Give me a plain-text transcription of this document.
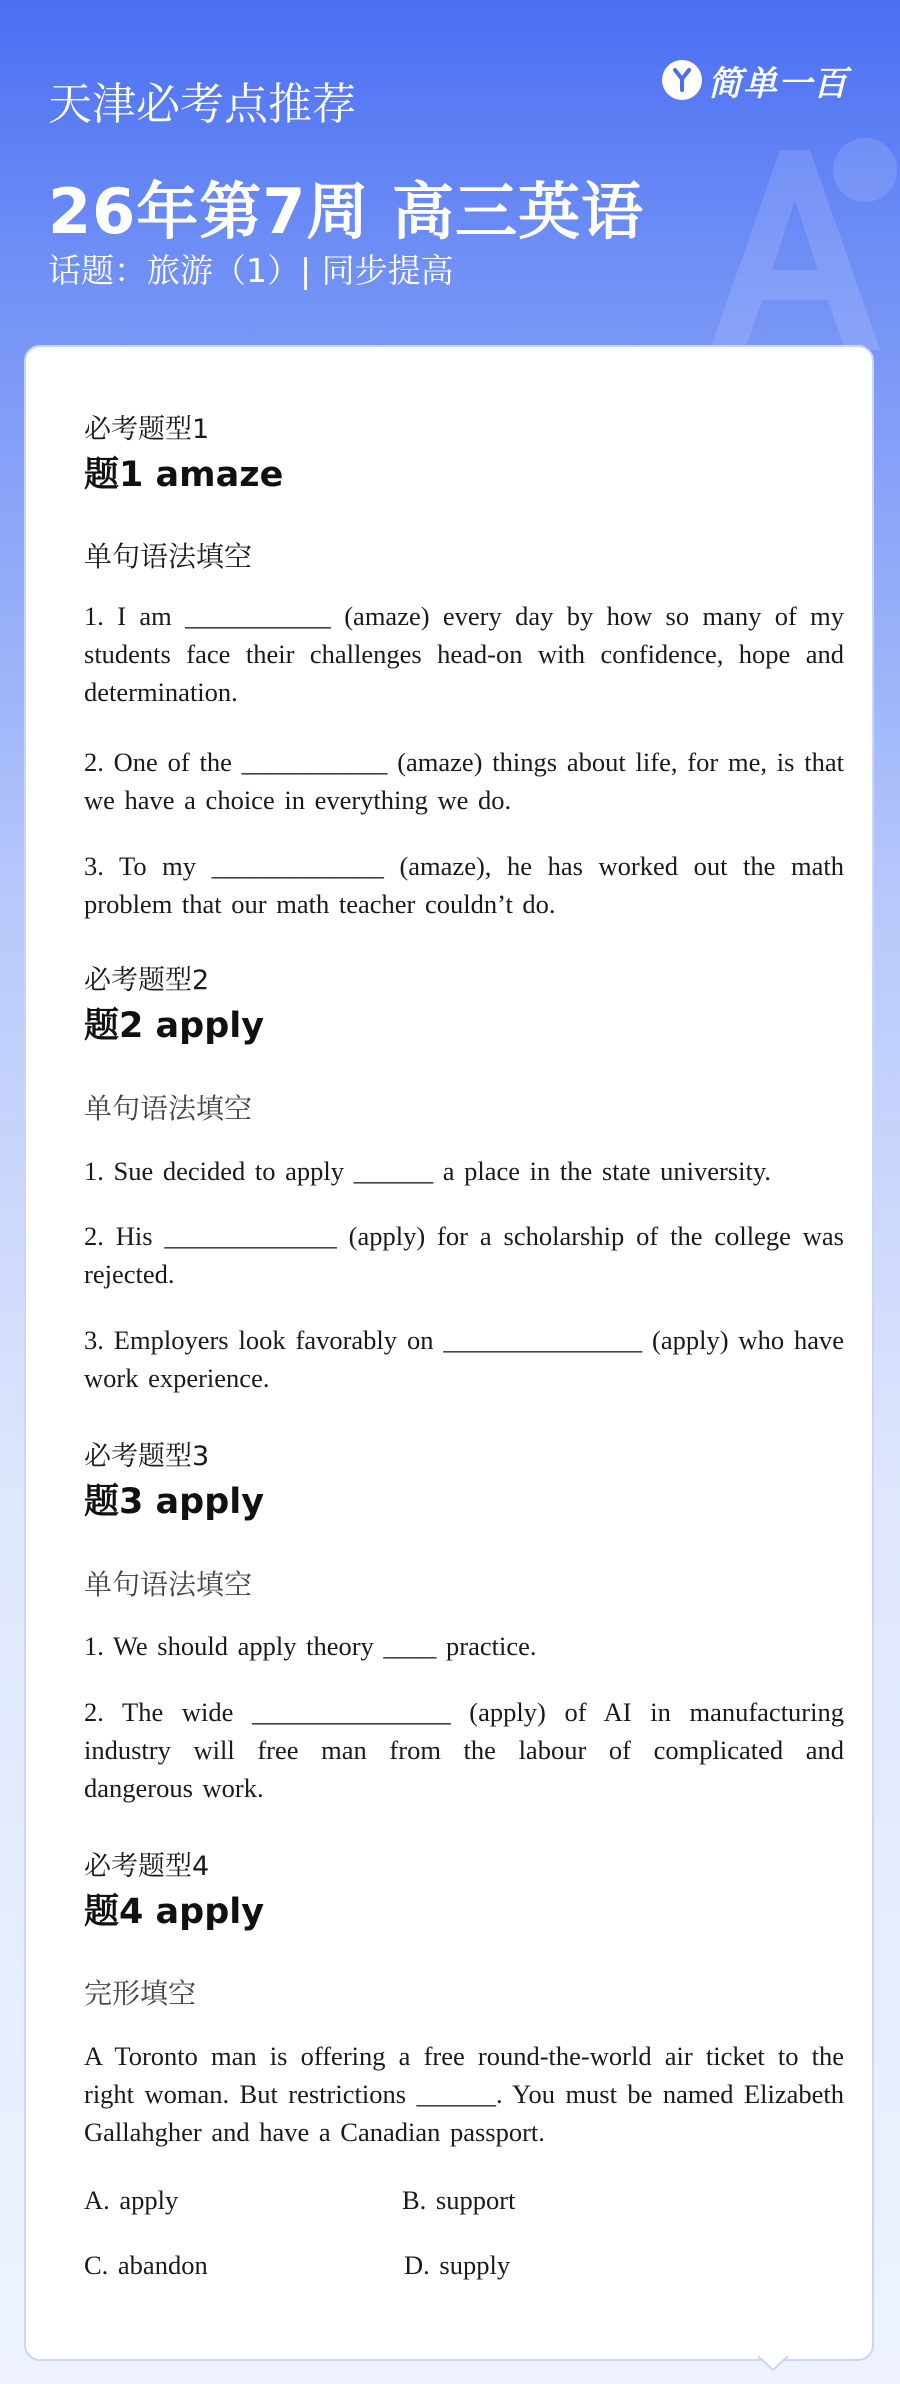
天津必考点推荐	简单一百
26年第7周 高三英语
话题：旅游（1）| 同步提高
必考题型1
题1 amaze
单句语法填空
1. I am ___________ (amaze) every day by how so many of my students face their challenges head-on with confidence, hope and determination.
2. One of the ___________ (amaze) things about life, for me, is that we have a choice in everything we do.
3. To my _____________ (amaze), he has worked out the math problem that our math teacher couldn’t do.
必考题型2
题2 apply
单句语法填空
1. Sue decided to apply ______ a place in the state university.
2. His _____________ (apply) for a scholarship of the college was rejected.
3. Employers look favorably on _______________ (apply) who have work experience.
必考题型3
题3 apply
单句语法填空
1. We should apply theory ____ practice.
2. The wide _______________ (apply) of AI in manufacturing industry will free man from the labour of complicated and dangerous work.
必考题型4
题4 apply
完形填空
A Toronto man is offering a free round-the-world air ticket to the right woman. But restrictions ______. You must be named Elizabeth Gallahgher and have a Canadian passport.
A. apply	B. support
C. abandon	D. supply
